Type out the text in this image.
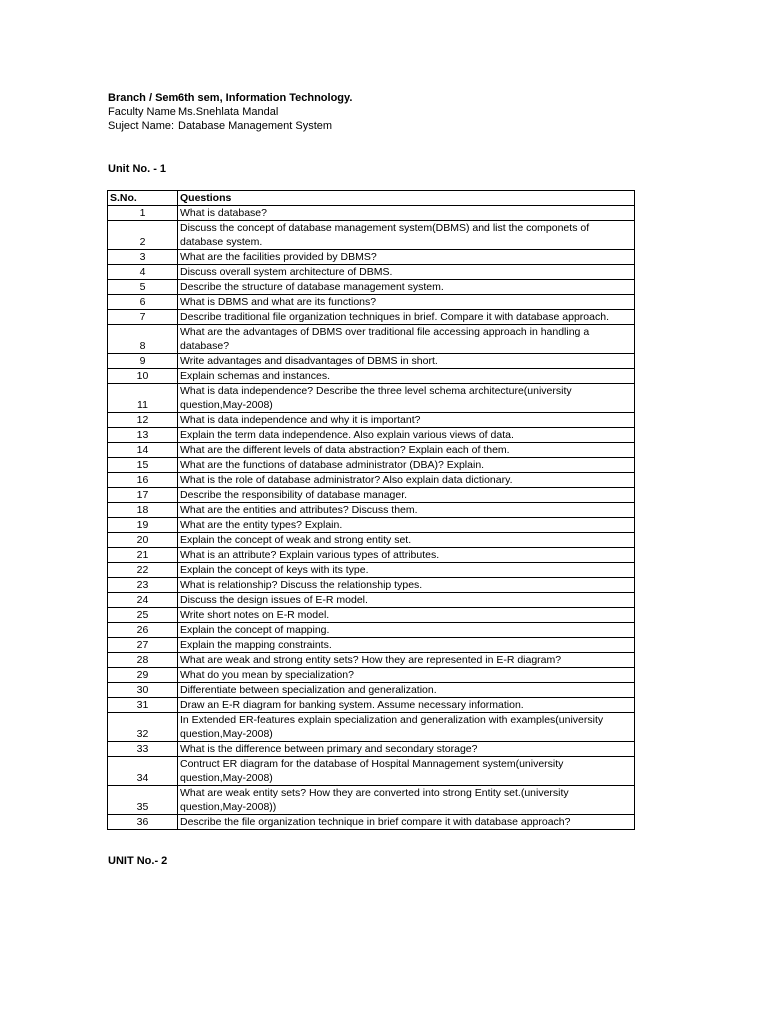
Branch / Sem6th sem, Information Technology.
Faculty Name Ms.Snehlata Mandal
Suject Name: Database Management System
Unit No. - 1
S.No.	Questions
1	What is database?
2	Discuss the concept of database management system(DBMS) and list the componets of database system.
3	What are the facilities provided by DBMS?
4	Discuss overall system architecture of DBMS.
5	Describe the structure of database management system.
6	What is DBMS and what are its functions?
7	Describe traditional file organization techniques in brief. Compare it with database approach.
8	What are the advantages of DBMS over traditional file accessing approach in handling a database?
9	Write advantages and disadvantages of DBMS in short.
10	Explain schemas and instances.
11	What is data independence? Describe the three level schema architecture(university question,May-2008)
12	What is data independence and why it is important?
13	Explain the term data independence. Also explain various views of data.
14	What are the different levels of data abstraction? Explain each of them.
15	What are the functions of database administrator (DBA)? Explain.
16	What is the role of database administrator? Also explain data dictionary.
17	Describe the responsibility of database manager.
18	What are the entities and attributes? Discuss them.
19	What are the entity types? Explain.
20	Explain the concept of weak and strong entity set.
21	What is an attribute? Explain various types of attributes.
22	Explain the concept of keys with its type.
23	What is relationship? Discuss the relationship types.
24	Discuss the design issues of E-R model.
25	Write short notes on E-R model.
26	Explain the concept of mapping.
27	Explain the mapping constraints.
28	What are weak and strong entity sets? How they are represented in E-R diagram?
29	What do you mean by specialization?
30	Differentiate between specialization and generalization.
31	Draw an E-R diagram for banking system. Assume necessary information.
32	In Extended ER-features explain specialization and generalization with examples(university question,May-2008)
33	What is the difference between primary and secondary storage?
34	Contruct ER diagram for the database of Hospital Mannagement system(university question,May-2008)
35	What are weak entity sets? How they are converted into strong Entity set.(university question,May-2008))
36	Describe the file organization technique in brief compare it with database approach?
UNIT No.- 2
